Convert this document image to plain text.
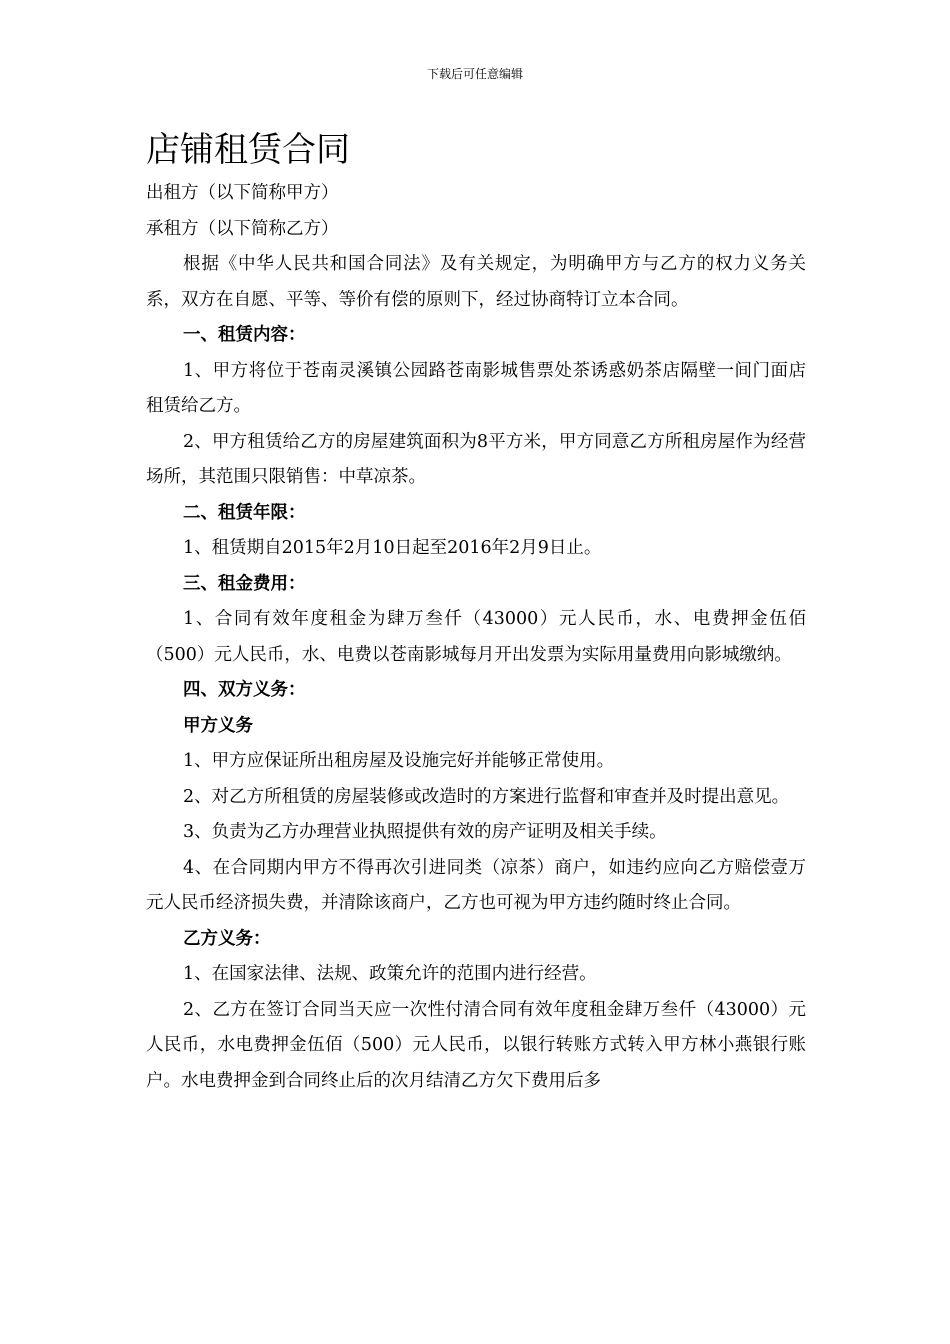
下载后可任意编辑
店铺租赁合同

出租方（以下简称甲方）

承租方（以下简称乙方）

根据《中华人民共和国合同法》及有关规定，为明确甲方与乙方的权力义务关系，双方在自愿、平等、等价有偿的原则下，经过协商特订立本合同。

一、租赁内容：

1、甲方将位于苍南灵溪镇公园路苍南影城售票处茶诱惑奶茶店隔壁一间门面店租赁给乙方。

2、甲方租赁给乙方的房屋建筑面积为8平方米，甲方同意乙方所租房屋作为经营场所，其范围只限销售：中草凉茶。

二、租赁年限：

1、租赁期自2015年2月10日起至2016年2月9日止。

三、租金费用：

1、合同有效年度租金为肆万叁仟（43000）元人民币，水、电费押金伍佰（500）元人民币，水、电费以苍南影城每月开出发票为实际用量费用向影城缴纳。

四、双方义务：

甲方义务

1、甲方应保证所出租房屋及设施完好并能够正常使用。

2、对乙方所租赁的房屋装修或改造时的方案进行监督和审查并及时提出意见。

3、负责为乙方办理营业执照提供有效的房产证明及相关手续。

4、在合同期内甲方不得再次引进同类（凉茶）商户，如违约应向乙方赔偿壹万元人民币经济损失费，并清除该商户，乙方也可视为甲方违约随时终止合同。

乙方义务：

1、在国家法律、法规、政策允许的范围内进行经营。

2、乙方在签订合同当天应一次性付清合同有效年度租金肆万叁仟（43000）元人民币，水电费押金伍佰（500）元人民币，以银行转账方式转入甲方林小燕银行账户。水电费押金到合同终止后的次月结清乙方欠下费用后多
